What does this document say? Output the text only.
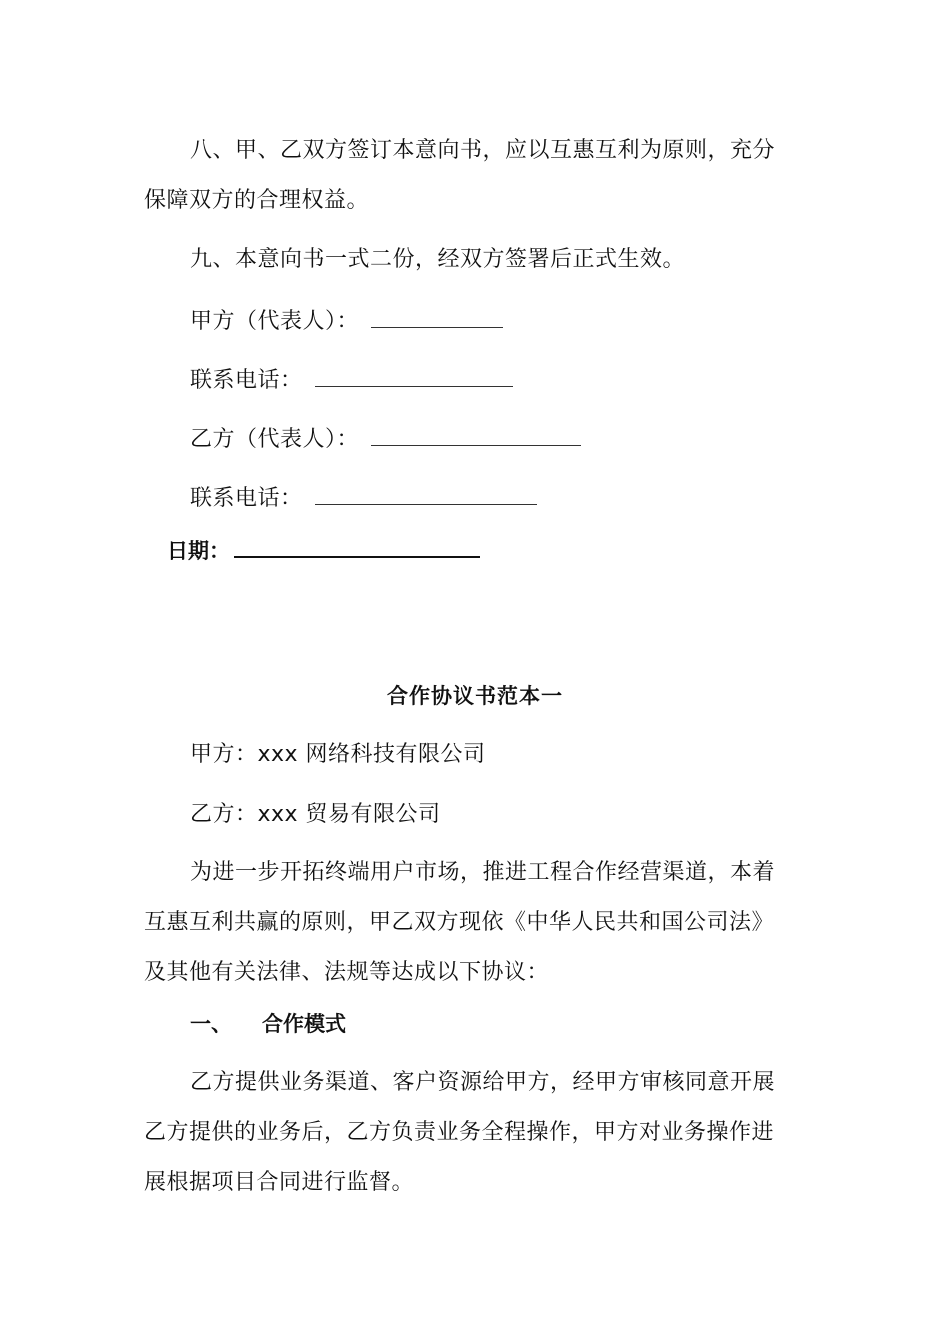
八、甲、乙双方签订本意向书，应以互惠互利为原则，充分保障双方的合理权益。

九、本意向书一式二份，经双方签署后正式生效。

甲方（代表人）：
联系电话：
乙方（代表人）：
联系电话：
日期：
合作协议书范本一
甲方：xxx 网络科技有限公司
乙方：xxx 贸易有限公司

为进一步开拓终端用户市场，推进工程合作经营渠道，本着互惠互利共赢的原则，甲乙双方现依《中华人民共和国公司法》及其他有关法律、法规等达成以下协议：

一、 合作模式

乙方提供业务渠道、客户资源给甲方，经甲方审核同意开展乙方提供的业务后，乙方负责业务全程操作，甲方对业务操作进展根据项目合同进行监督。
